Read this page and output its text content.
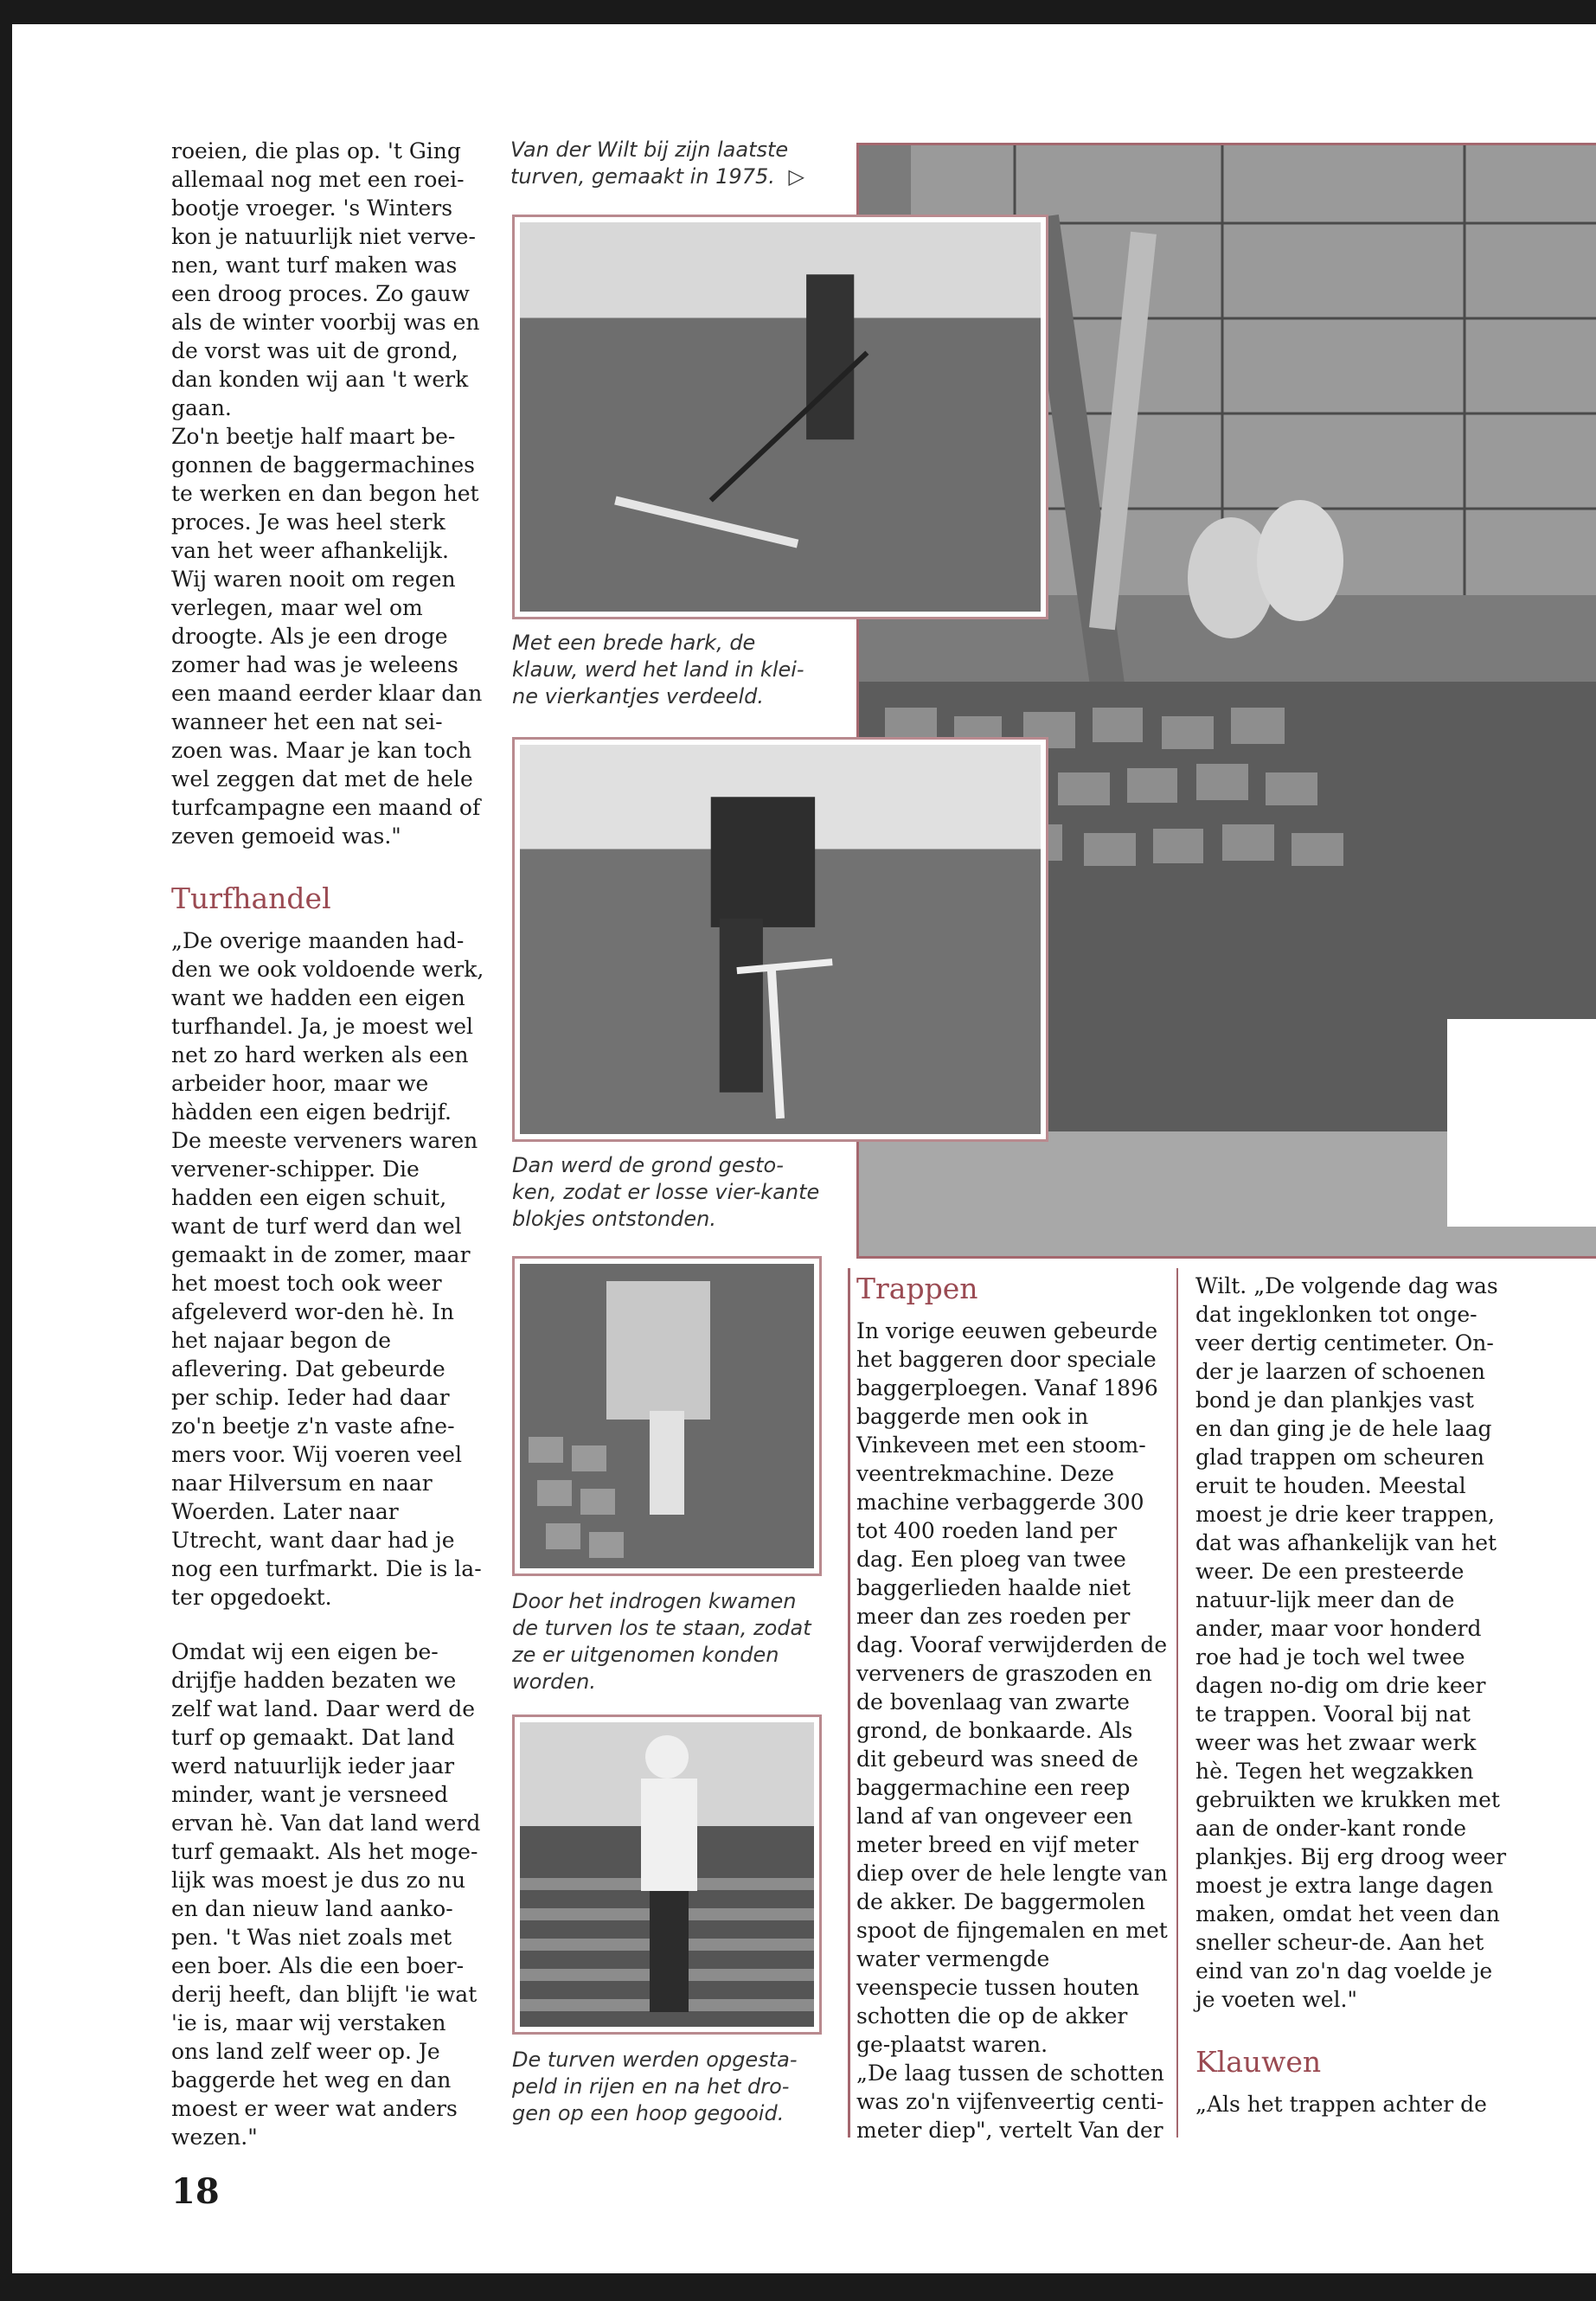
roeien, die plas op. 't Ging allemaal nog met een roei-bootje vroeger. 's Winters kon je natuurlijk niet verve-nen, want turf maken was een droog proces. Zo gauw als de winter voorbij was en de vorst was uit de grond, dan konden wij aan 't werk gaan.

Zo'n beetje half maart be-gonnen de baggermachines te werken en dan begon het proces. Je was heel sterk van het weer afhankelijk. Wij waren nooit om regen verlegen, maar wel om droogte. Als je een droge zomer had was je weleens een maand eerder klaar dan wanneer het een nat sei-zoen was. Maar je kan toch wel zeggen dat met de hele turfcampagne een maand of zeven gemoeid was."

Turfhandel

„De overige maanden had-den we ook voldoende werk, want we hadden een eigen turfhandel. Ja, je moest wel net zo hard werken als een arbeider hoor, maar we hàdden een eigen bedrijf. De meeste verveners waren vervener-schipper. Die hadden een eigen schuit, want de turf werd dan wel gemaakt in de zomer, maar het moest toch ook weer afgeleverd wor-den hè. In het najaar begon de aflevering. Dat gebeurde per schip. Ieder had daar zo'n beetje z'n vaste afne-mers voor. Wij voeren veel naar Hilversum en naar Woerden. Later naar Utrecht, want daar had je nog een turfmarkt. Die is la-ter opgedoekt.

Omdat wij een eigen be-drijfje hadden bezaten we zelf wat land. Daar werd de turf op gemaakt. Dat land werd natuurlijk ieder jaar minder, want je versneed ervan hè. Van dat land werd turf gemaakt. Als het moge-lijk was moest je dus zo nu en dan nieuw land aanko-pen. 't Was niet zoals met een boer. Als die een boer-derij heeft, dan blijft 'ie wat 'ie is, maar wij verstaken ons land zelf weer op. Je baggerde het weg en dan moest er weer wat anders wezen."

Van der Wilt bij zijn laatste turven, gemaakt in 1975. ▷
Met een brede hark, de klauw, werd het land in klei-ne vierkantjes verdeeld.
Dan werd de grond gesto-ken, zodat er losse vier-kante blokjes ontstonden.
Door het indrogen kwamen de turven los te staan, zodat ze er uitgenomen konden worden.
De turven werden opgesta-peld in rijen en na het dro-gen op een hoop gegooid.
Trappen

In vorige eeuwen gebeurde het baggeren door speciale baggerploegen. Vanaf 1896 baggerde men ook in Vinkeveen met een stoom-veentrekmachine. Deze machine verbaggerde 300 tot 400 roeden land per dag. Een ploeg van twee baggerlieden haalde niet meer dan zes roeden per dag. Vooraf verwijderden de verveners de graszoden en de bovenlaag van zwarte grond, de bonkaarde. Als dit gebeurd was sneed de baggermachine een reep land af van ongeveer een meter breed en vijf meter diep over de hele lengte van de akker. De baggermolen spoot de fijngemalen en met water vermengde veenspecie tussen houten schotten die op de akker ge-plaatst waren.

„De laag tussen de schotten was zo'n vijfenveertig centi-meter diep", vertelt Van der

Wilt. „De volgende dag was dat ingeklonken tot onge-veer dertig centimeter. On-der je laarzen of schoenen bond je dan plankjes vast en dan ging je de hele laag glad trappen om scheuren eruit te houden. Meestal moest je drie keer trappen, dat was afhankelijk van het weer. De een presteerde natuur-lijk meer dan de ander, maar voor honderd roe had je toch wel twee dagen no-dig om drie keer te trappen. Vooral bij nat weer was het zwaar werk hè. Tegen het wegzakken gebruikten we krukken met aan de onder-kant ronde plankjes. Bij erg droog weer moest je extra lange dagen maken, omdat het veen dan sneller scheur-de. Aan het eind van zo'n dag voelde je je voeten wel."

Klauwen

„Als het trappen achter de

18
